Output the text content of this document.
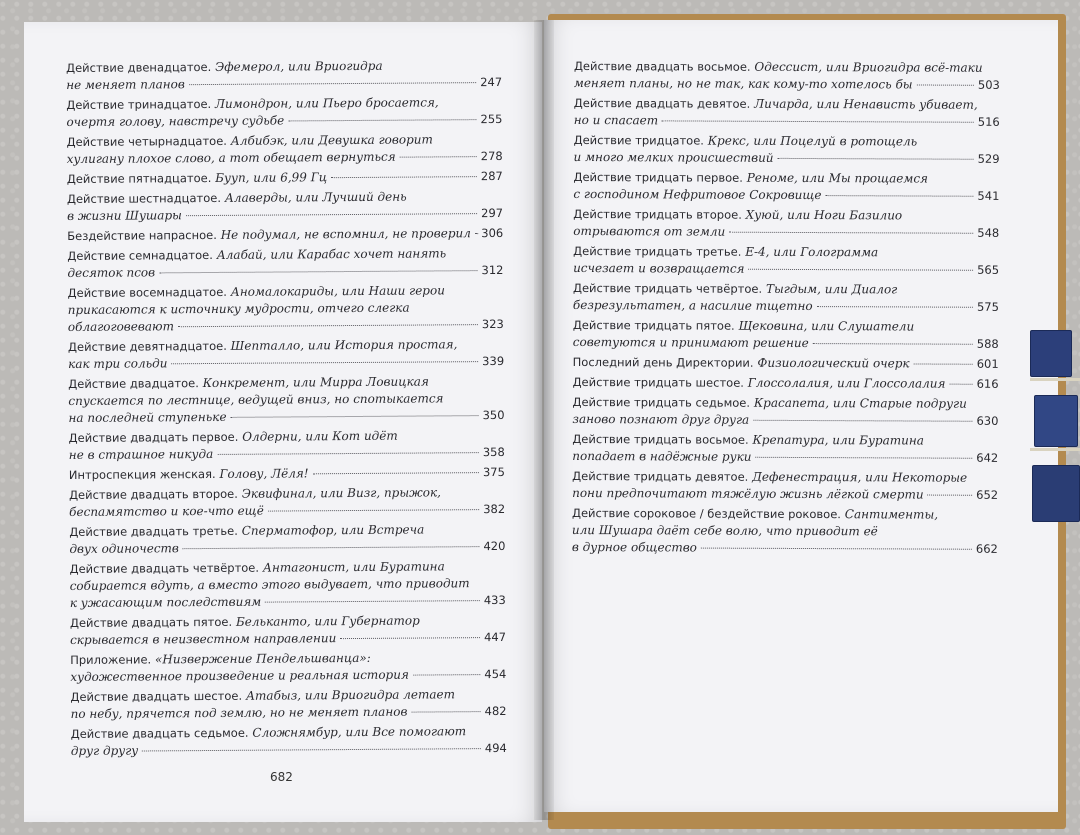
Действие двенадцатое.
Эфемерол, или Вриогидра
не меняет планов	247
Действие тринадцатое.
Лимондрон, или Пьеро бросается,
очертя голову, навстречу судьбе	255
Действие четырнадцатое.
Албибэк, или Девушка говорит
хулигану плохое слово, а тот обещает вернуться	278
Действие пятнадцатое.
Бууп, или 6,99 Гц	287
Действие шестнадцатое.
Алаверды, или Лучший день
в жизни Шушары	297
Бездействие напрасное.
Не подумал, не вспомнил, не проверил 306
Действие семнадцатое.
Алабай, или Карабас хочет нанять
десяток псов	312
Действие восемнадцатое.
Аномалокариды, или Наши герои
прикасаются к источнику мудрости, отчего слегка
облагоговевают	323
Действие девятнадцатое.
Шепталло, или История простая,
как три сольди	339
Действие двадцатое.
Конкремент, или Мирра Ловицкая
спускается по лестнице, ведущей вниз, но спотыкается
на последней ступеньке	350
Действие двадцать первое.
Олдерни, или Кот идёт
не в страшное никуда	358
Интроспекция женская.
Голову, Лёля!	375
Действие двадцать второе.
Эквифинал, или Визг, прыжок,
беспамятство и кое-что ещё	382
Действие двадцать третье.
Сперматофор, или Встреча
двух одиночеств	420
Действие двадцать четвёртое.
Антагонист, или Буратина
собирается вдуть, а вместо этого выдувает, что приводит
к ужасающим последствиям	433
Действие двадцать пятое.
Бельканто, или Губернатор
скрывается в неизвестном направлении	447
Приложение.
«Низвержение Пендельшванца»:
художественное произведение и реальная история	454
Действие двадцать шестое.
Атабыз, или Вриогидра летает
по небу, прячется под землю, но не меняет планов	482
Действие двадцать седьмое.
Сложнямбур, или Все помогают
друг другу	494
682
Действие двадцать восьмое.
Одессист, или Вриогидра всё-таки
меняет планы, но не так, как кому-то хотелось бы	503
Действие двадцать девятое.
Личарда, или Ненависть убивает,
но и спасает	516
Действие тридцатое.
Крекс, или Поцелуй в ротощель
и много мелких происшествий	529
Действие тридцать первое.
Реноме, или Мы прощаемся
с господином Нефритовое Сокровище	541
Действие тридцать второе.
Хуюй, или Ноги Базилио
отрываются от земли	548
Действие тридцать третье.
Е-4, или Голограмма
исчезает и возвращается	565
Действие тридцать четвёртое.
Тыгдым, или Диалог
безрезультатен, а насилие тщетно	575
Действие тридцать пятое.
Щековина, или Слушатели
советуются и принимают решение	588
Последний день Директории.
Физиологический очерк	601
Действие тридцать шестое.
Глоссолалия, или Глоссолалия	616
Действие тридцать седьмое.
Красапета, или Старые подруги
заново познают друг друга	630
Действие тридцать восьмое.
Крепатура, или Буратина
попадает в надёжные руки	642
Действие тридцать девятое.
Дефенестрация, или Некоторые
пони предпочитают тяжёлую жизнь лёгкой смерти	652
Действие сороковое / бездействие роковое.
Сантименты,
или Шушара даёт себе волю, что приводит её
в дурное общество	662
